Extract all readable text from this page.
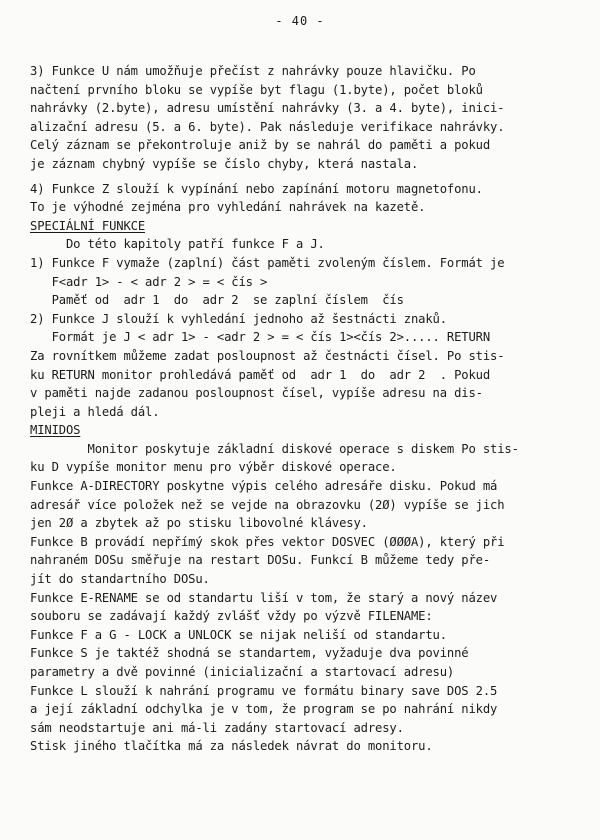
- 40 -
3) Funkce U nám umožňuje přečíst z nahrávky pouze hlavičku. Po
načtení prvního bloku se vypíše byt flagu (1.byte), počet bloků
nahrávky (2.byte), adresu umístění nahrávky (3. a 4. byte), inici-
alizační adresu (5. a 6. byte). Pak následuje verifikace nahrávky.
Celý záznam se překontroluje aniž by se nahrál do paměti a pokud
je záznam chybný vypíše se číslo chyby, která nastala.
4) Funkce Z slouží k vypínání nebo zapínání motoru magnetofonu.
To je výhodné zejména pro vyhledání nahrávek na kazetě.
SPECIÁLNÍ FUNKCE
Do této kapitoly patří funkce F a J.
1) Funkce F vymaže (zaplní) část paměti zvoleným číslem. Formát je
F<adr 1> - < adr 2 > = < čís >
Paměť od  adr 1  do  adr 2  se zaplní číslem  čís
2) Funkce J slouží k vyhledání jednoho až šestnácti znaků.
Formát je J < adr 1> - <adr 2 > = < čís 1><čís 2>..... RETURN
Za rovnítkem můžeme zadat posloupnost až čestnácti čísel. Po stis-
ku RETURN monitor prohledává paměť od  adr 1  do  adr 2  . Pokud
v paměti najde zadanou posloupnost čísel, vypíše adresu na dis-
pleji a hledá dál.
MINIDOS
Monitor poskytuje základní diskové operace s diskem Po stis-
ku D vypíše monitor menu pro výběr diskové operace.
Funkce A-DIRECTORY poskytne výpis celého adresáře disku. Pokud má
adresář více položek než se vejde na obrazovku (2Ø) vypíše se jich
jen 2Ø a zbytek až po stisku libovolné klávesy.
Funkce B provádí nepřímý skok přes vektor DOSVEC (ØØØA), který při
nahraném DOSu směřuje na restart DOSu. Funkcí B můžeme tedy pře-
jít do standartního DOSu.
Funkce E-RENAME se od standartu liší v tom, že starý a nový název
souboru se zadávají každý zvlášť vždy po výzvě FILENAME:
Funkce F a G - LOCK a UNLOCK se nijak neliší od standartu.
Funkce S je taktéž shodná se standartem, vyžaduje dva povinné
parametry a dvě povinné (inicializační a startovací adresu)
Funkce L slouží k nahrání programu ve formátu binary save DOS 2.5
a její základní odchylka je v tom, že program se po nahrání nikdy
sám neodstartuje ani má-li zadány startovací adresy.
Stisk jiného tlačítka má za následek návrat do monitoru.
